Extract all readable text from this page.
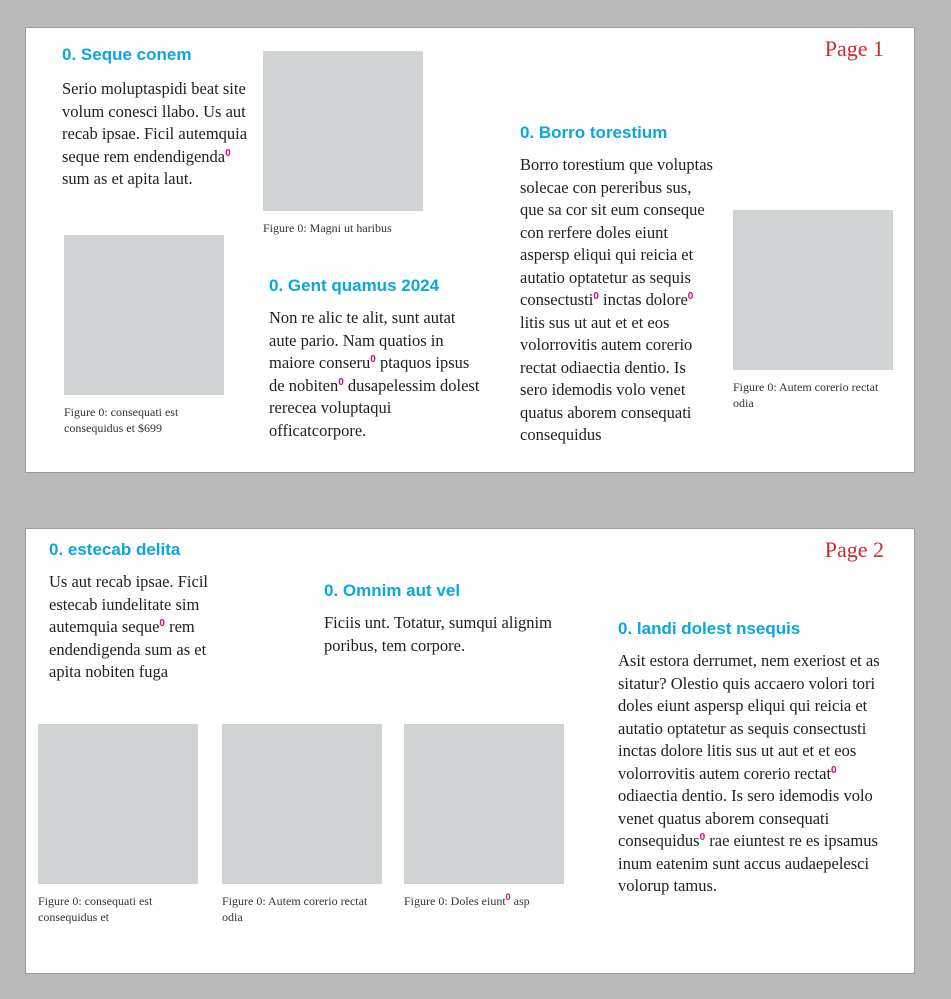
Page 1
0. Seque conem

Serio moluptaspidi beat site volum conesci llabo. Us aut recab ipsae. Ficil autemquia seque rem endendigenda$^0$ sum as et apita laut.

Figure 0: Magni ut haribus

Figure 0: consequati est consequidus et $699

0. Gent quamus 2024

Non re alic te alit, sunt autat aute pario. Nam quatios in maiore conseru$^0$ ptaquos ipsus de nobiten$^0$ dusapelessim dolest rerecea voluptaqui officatcorpore.

0. Borro torestium

Borro torestium que voluptas solecae con pereribus sus, que sa cor sit eum conseque con rerfere doles eiunt aspersp eliqui qui reicia et autatio optatetur as sequis consectusti$^0$ inctas dolore$^0$ litis sus ut aut et et eos volorrovitis autem corerio rectat odiaectia dentio. Is sero idemodis volo venet quatus aborem consequati consequidus

Figure 0: Autem corerio rectat odia

Page 2
0. estecab delita

Us aut recab ipsae. Ficil estecab iundelitate sim autemquia seque$^0$ rem endendigenda sum as et apita nobiten fuga

0. Omnim aut vel

Ficiis unt. Totatur, sumqui alignim poribus, tem corpore.

0. landi dolest nsequis

Asit estora derrumet, nem exeriost et as sitatur? Olestio quis accaero volori tori doles eiunt aspersp eliqui qui reicia et autatio optatetur as sequis consectusti inctas dolore litis sus ut aut et et eos volorrovitis autem corerio rectat$^0$ odiaectia dentio. Is sero idemodis volo venet quatus aborem consequati consequidus$^0$ rae eiuntest re es ipsamus inum eatenim sunt accus audaepelesci volorup tamus.

Figure 0: consequati est consequidus et

Figure 0: Autem corerio rectat odia

Figure 0: Doles eiunt$^0$ asp
